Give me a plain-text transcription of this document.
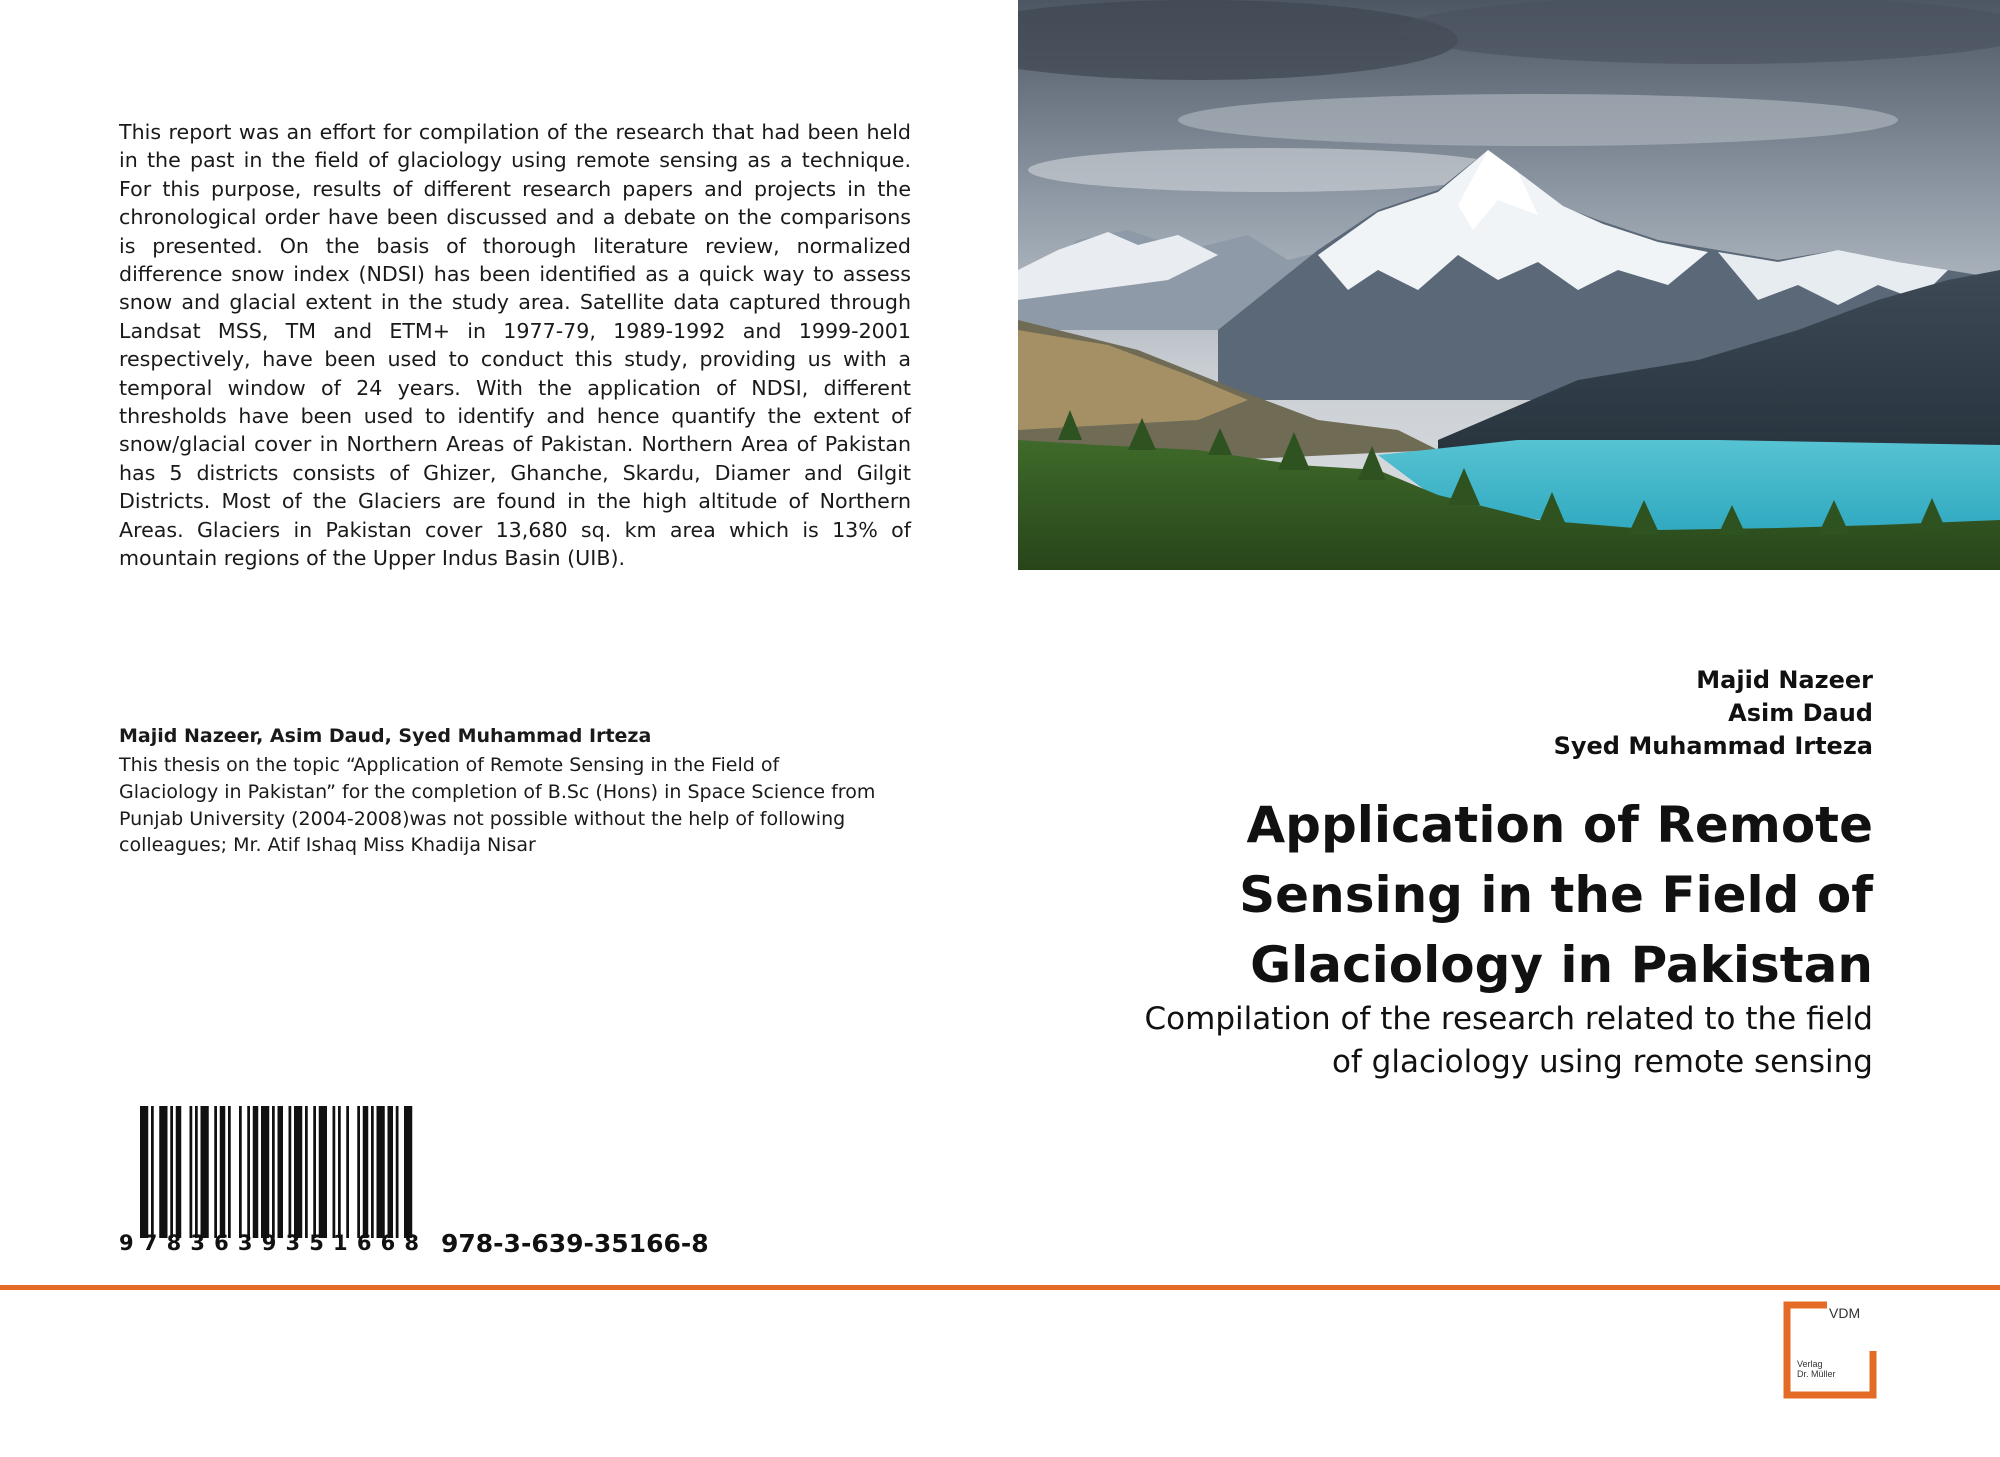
This report was an effort for compilation of the research that had been held in the past in the field of glaciology using remote sensing as a technique. For this purpose, results of different research papers and projects in the chronological order have been discussed and a debate on the comparisons is presented. On the basis of thorough literature review, normalized difference snow index (NDSI) has been identified as a quick way to assess snow and glacial extent in the study area. Satellite data captured through Landsat MSS, TM and ETM+ in 1977-79, 1989-1992 and 1999-2001 respectively, have been used to conduct this study, providing us with a temporal window of 24 years. With the application of NDSI, different thresholds have been used to identify and hence quantify the extent of snow/glacial cover in Northern Areas of Pakistan. Northern Area of Pakistan has 5 districts consists of Ghizer, Ghanche, Skardu, Diamer and Gilgit Districts. Most of the Glaciers are found in the high altitude of Northern Areas. Glaciers in Pakistan cover 13,680 sq. km area which is 13% of mountain regions of the Upper Indus Basin (UIB).
Majid Nazeer, Asim Daud, Syed Muhammad Irteza
This thesis on the topic “Application of Remote Sensing in the Field of Glaciology in Pakistan” for the completion of B.Sc (Hons) in Space Science from Punjab University (2004-2008)was not possible without the help of following colleagues; Mr. Atif Ishaq Miss Khadija Nisar
9 7 8 3 6 3 9 3 5 1 6 6 8 978-3-639-35166-8
Majid Nazeer
Asim Daud
Syed Muhammad Irteza
Application of Remote
Sensing in the Field of
Glaciology in Pakistan
Compilation of the research related to the field
of glaciology using remote sensing
VDM
Verlag
Dr. Müller
